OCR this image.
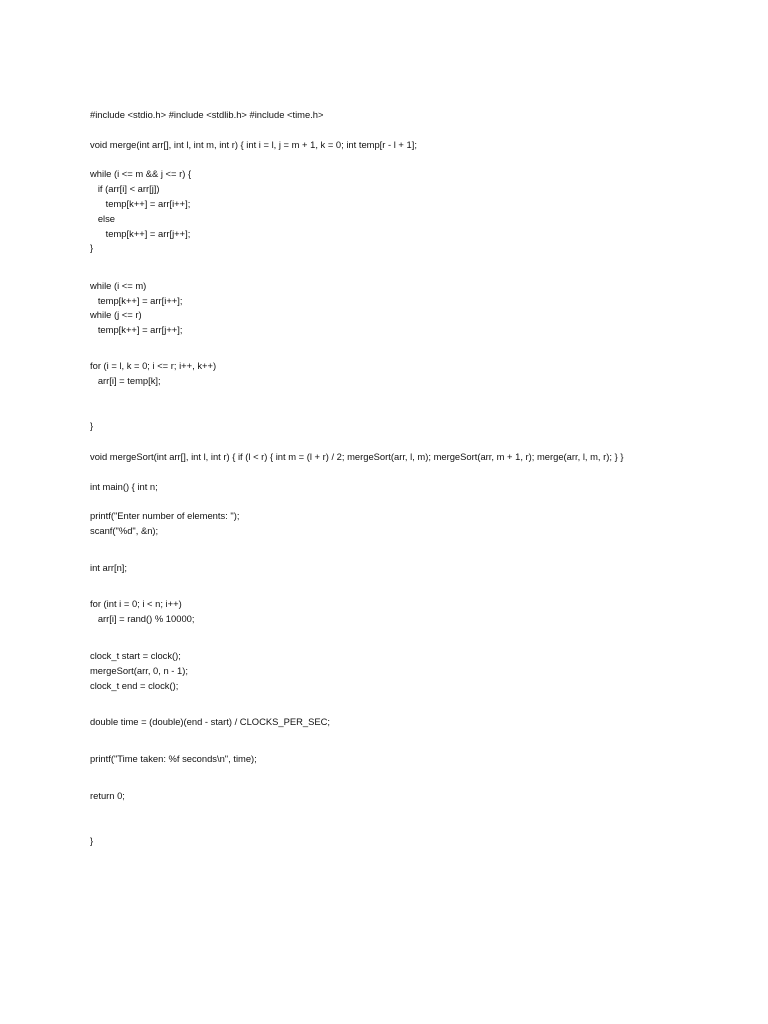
#include <stdio.h> #include <stdlib.h> #include <time.h>
void merge(int arr[], int l, int m, int r) { int i = l, j = m + 1, k = 0; int temp[r - l + 1];
while (i <= m && j <= r) {
if (arr[i] < arr[j])
temp[k++] = arr[i++];
else
temp[k++] = arr[j++];
}
while (i <= m)
temp[k++] = arr[i++];
while (j <= r)
temp[k++] = arr[j++];
for (i = l, k = 0; i <= r; i++, k++)
arr[i] = temp[k];
}
void mergeSort(int arr[], int l, int r) { if (l < r) { int m = (l + r) / 2; mergeSort(arr, l, m); mergeSort(arr, m + 1, r); merge(arr, l, m, r); } }
int main() { int n;
printf("Enter number of elements: ");
scanf("%d", &n);
int arr[n];
for (int i = 0; i < n; i++)
arr[i] = rand() % 10000;
clock_t start = clock();
mergeSort(arr, 0, n - 1);
clock_t end = clock();
double time = (double)(end - start) / CLOCKS_PER_SEC;
printf("Time taken: %f seconds\n", time);
return 0;
}
